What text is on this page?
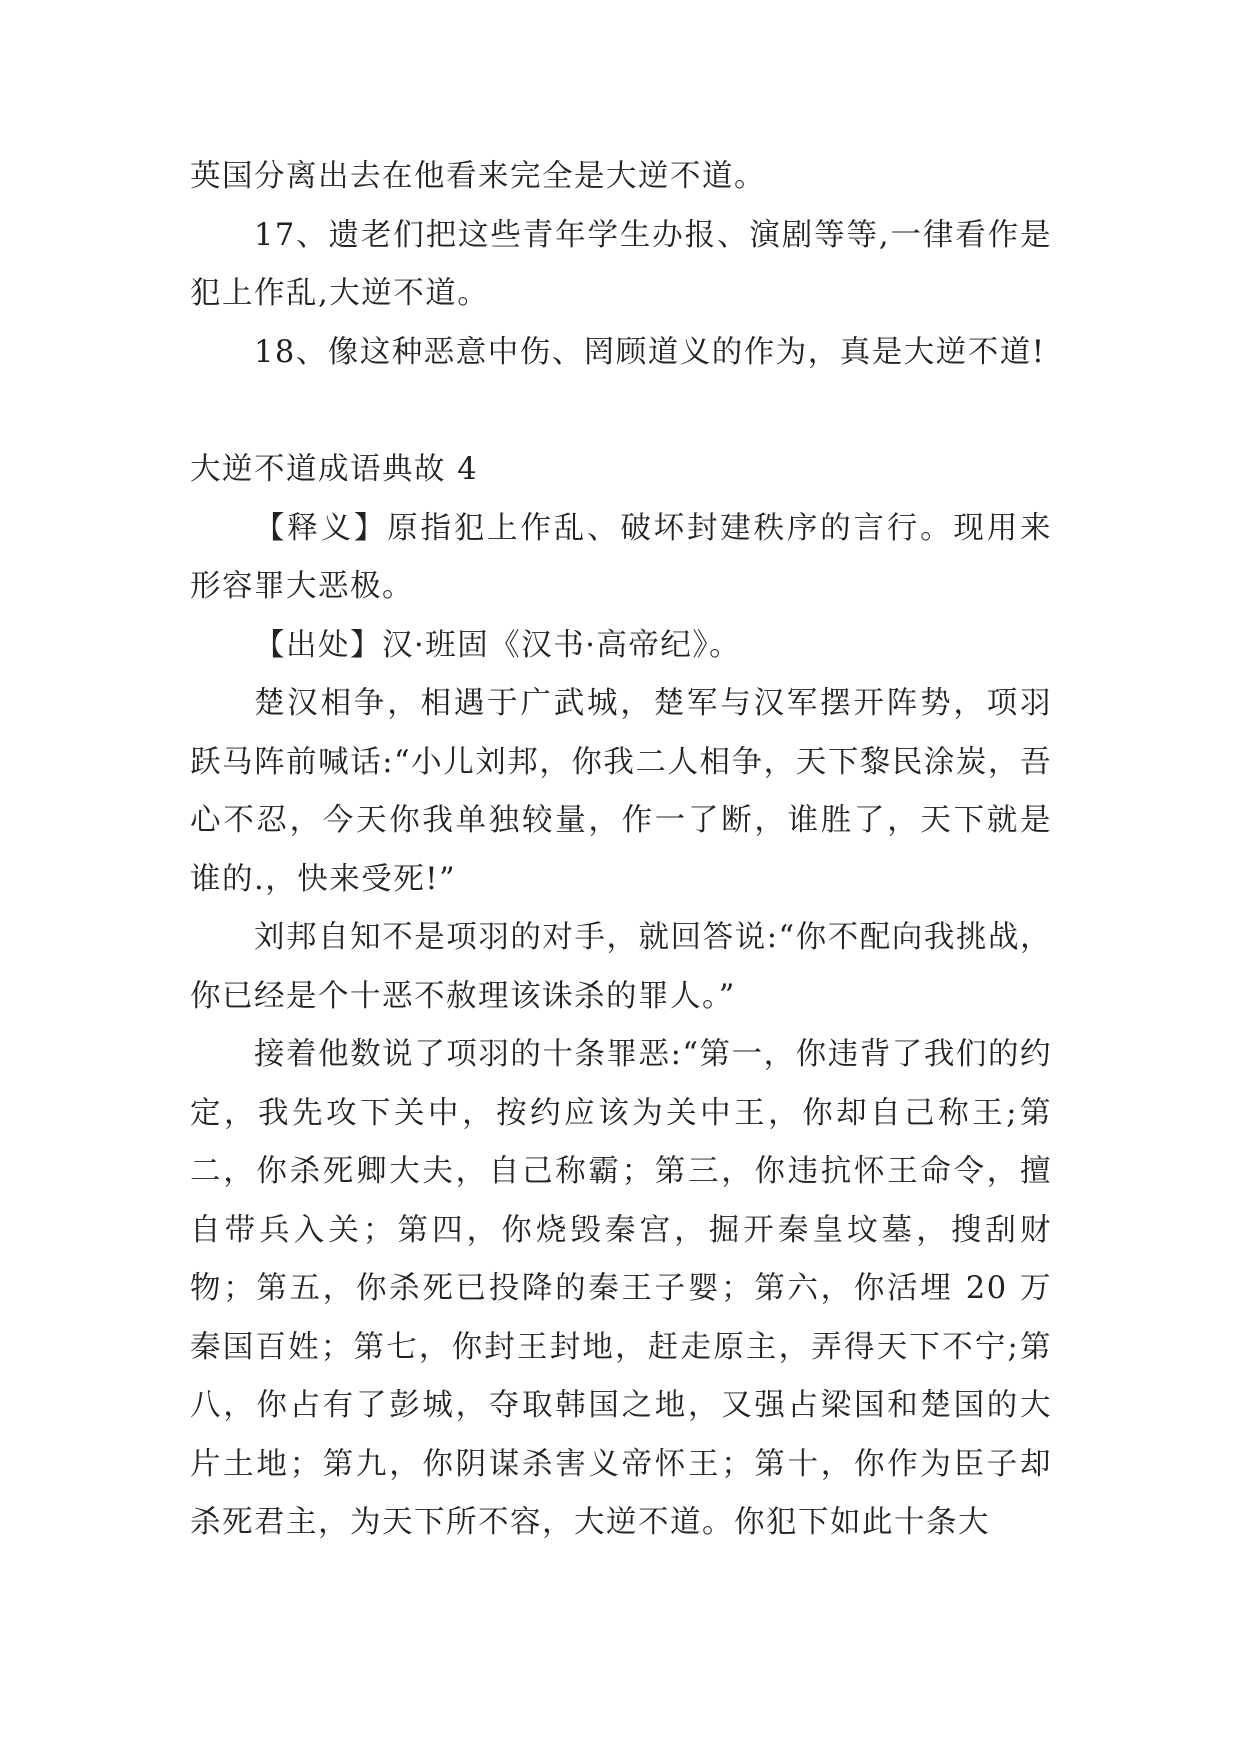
英国分离出去在他看来完全是大逆不道。

17、遗老们把这些青年学生办报、演剧等等,一律看作是犯上作乱,大逆不道。

18、像这种恶意中伤、罔顾道义的作为，真是大逆不道!

大逆不道成语典故 4

【释义】原指犯上作乱、破坏封建秩序的言行。现用来形容罪大恶极。

【出处】汉·班固《汉书·高帝纪》。

楚汉相争，相遇于广武城，楚军与汉军摆开阵势，项羽跃马阵前喊话:“小儿刘邦，你我二人相争，天下黎民涂炭，吾心不忍，今天你我单独较量，作一了断，谁胜了，天下就是谁的.，快来受死!”

刘邦自知不是项羽的对手，就回答说:“你不配向我挑战，你已经是个十恶不赦理该诛杀的罪人。”

接着他数说了项羽的十条罪恶:“第一，你违背了我们的约定，我先攻下关中，按约应该为关中王，你却自己称王;第二，你杀死卿大夫，自己称霸；第三，你违抗怀王命令，擅自带兵入关；第四，你烧毁秦宫，掘开秦皇坟墓，搜刮财物；第五，你杀死已投降的秦王子婴；第六，你活埋 20 万秦国百姓；第七，你封王封地，赶走原主，弄得天下不宁;第八，你占有了彭城，夺取韩国之地，又强占梁国和楚国的大片土地；第九，你阴谋杀害义帝怀王；第十，你作为臣子却杀死君主，为天下所不容，大逆不道。你犯下如此十条大
